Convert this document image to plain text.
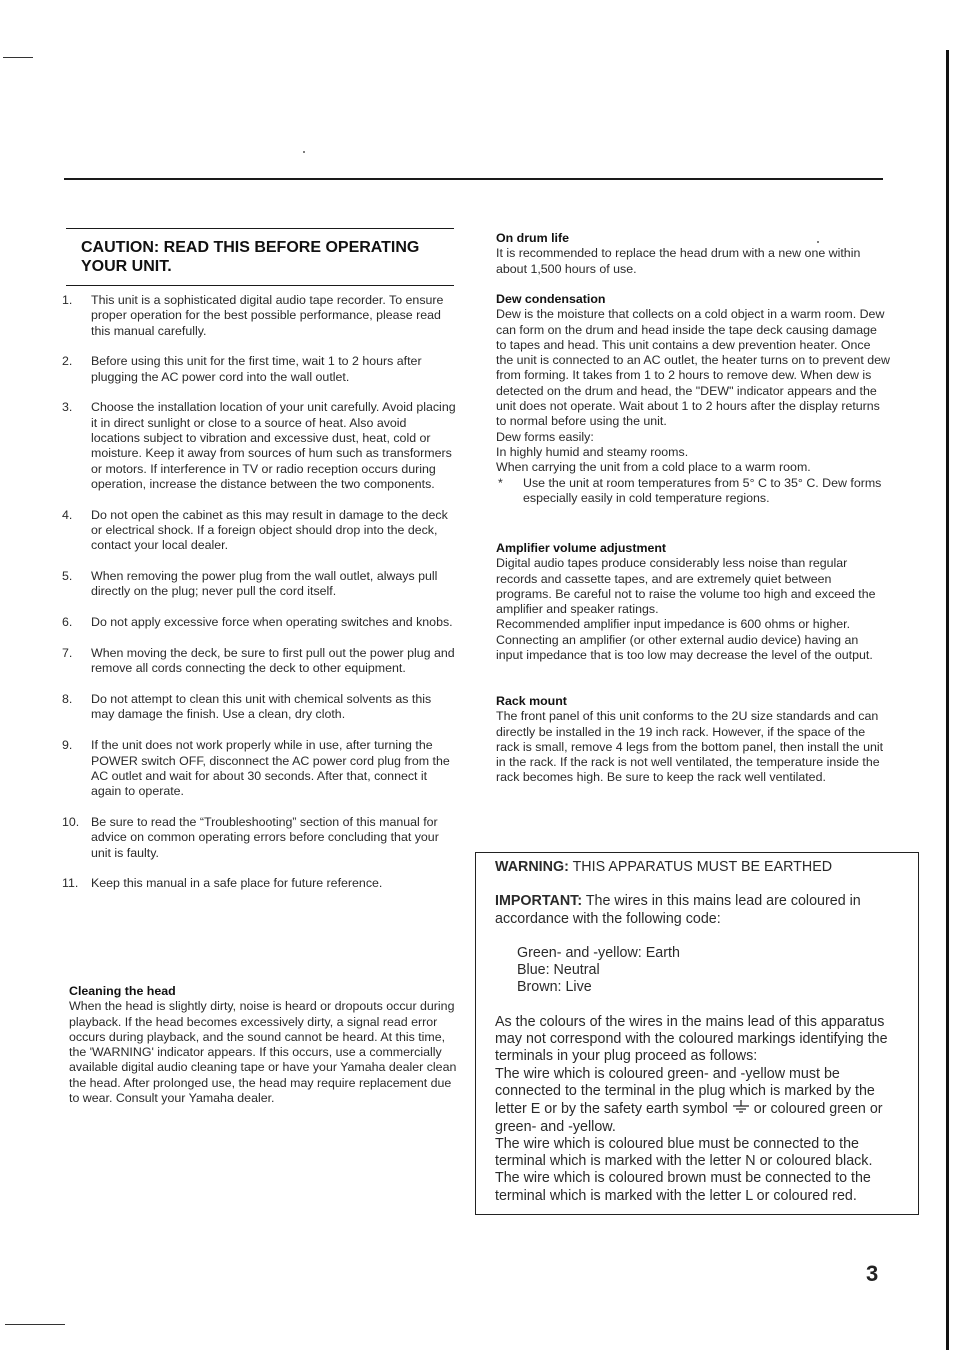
CAUTION: READ THIS BEFORE OPERATING
YOUR UNIT.
1. This unit is a sophisticated digital audio tape recorder. To ensure proper operation for the best possible performance, please read this manual carefully.
2. Before using this unit for the first time, wait 1 to 2 hours after plugging the AC power cord into the wall outlet.
3. Choose the installation location of your unit carefully. Avoid placing it in direct sunlight or close to a source of heat. Also avoid locations subject to vibration and excessive dust, heat, cold or moisture. Keep it away from sources of hum such as transformers or motors. If interference in TV or radio reception occurs during operation, increase the distance between the two components.
4. Do not open the cabinet as this may result in damage to the deck or electrical shock. If a foreign object should drop into the deck, contact your local dealer.
5. When removing the power plug from the wall outlet, always pull directly on the plug; never pull the cord itself.
6. Do not apply excessive force when operating switches and knobs.
7. When moving the deck, be sure to first pull out the power plug and remove all cords connecting the deck to other equipment.
8. Do not attempt to clean this unit with chemical solvents as this may damage the finish. Use a clean, dry cloth.
9. If the unit does not work properly while in use, after turning the POWER switch OFF, disconnect the AC power cord plug from the AC outlet and wait for about 30 seconds. After that, connect it again to operate.
10. Be sure to read the “Troubleshooting” section of this manual for advice on common operating errors before concluding that your unit is faulty.
11. Keep this manual in a safe place for future reference.
Cleaning the head

When the head is slightly dirty, noise is heard or dropouts occur during playback. If the head becomes excessively dirty, a signal read error occurs during playback, and the sound cannot be heard. At this time, the 'WARNING' indicator appears. If this occurs, use a commercially available digital audio cleaning tape or have your Yamaha dealer clean the head. After prolonged use, the head may require replacement due to wear. Consult your Yamaha dealer.

On drum life

It is recommended to replace the head drum with a new one within about 1,500 hours of use.

Dew condensation

Dew is the moisture that collects on a cold object in a warm room. Dew can form on the drum and head inside the tape deck causing damage to tapes and head. This unit contains a dew prevention heater. Once the unit is connected to an AC outlet, the heater turns on to prevent dew from forming. It takes from 1 to 2 hours to remove dew. When dew is detected on the drum and head, the "DEW" indicator appears and the unit does not operate. Wait about 1 to 2 hours after the display returns to normal before using the unit.

Dew forms easily:

In highly humid and steamy rooms.

When carrying the unit from a cold place to a warm room.

* Use the unit at room temperatures from 5° C to 35° C. Dew forms especially easily in cold temperature regions.
Amplifier volume adjustment

Digital audio tapes produce considerably less noise than regular records and cassette tapes, and are extremely quiet between programs. Be careful not to raise the volume too high and exceed the amplifier and speaker ratings.

Recommended amplifier input impedance is 600 ohms or higher. Connecting an amplifier (or other external audio device) having an input impedance that is too low may decrease the level of the output.

Rack mount

The front panel of this unit conforms to the 2U size standards and can directly be installed in the 19 inch rack. However, if the space of the rack is small, remove 4 legs from the bottom panel, then install the unit in the rack. If the rack is not well ventilated, the temperature inside the rack becomes high. Be sure to keep the rack well ventilated.

WARNING: THIS APPARATUS MUST BE EARTHED

IMPORTANT: The wires in this mains lead are coloured in accordance with the following code:

Green- and -yellow: Earth
Blue: Neutral
Brown: Live

As the colours of the wires in the mains lead of this apparatus may not correspond with the coloured markings identifying the terminals in your plug proceed as follows:

The wire which is coloured green- and -yellow must be connected to the terminal in the plug which is marked by the letter E or by the safety earth symbol or coloured green or green- and -yellow.

The wire which is coloured blue must be connected to the terminal which is marked with the letter N or coloured black.

The wire which is coloured brown must be connected to the terminal which is marked with the letter L or coloured red.

3
